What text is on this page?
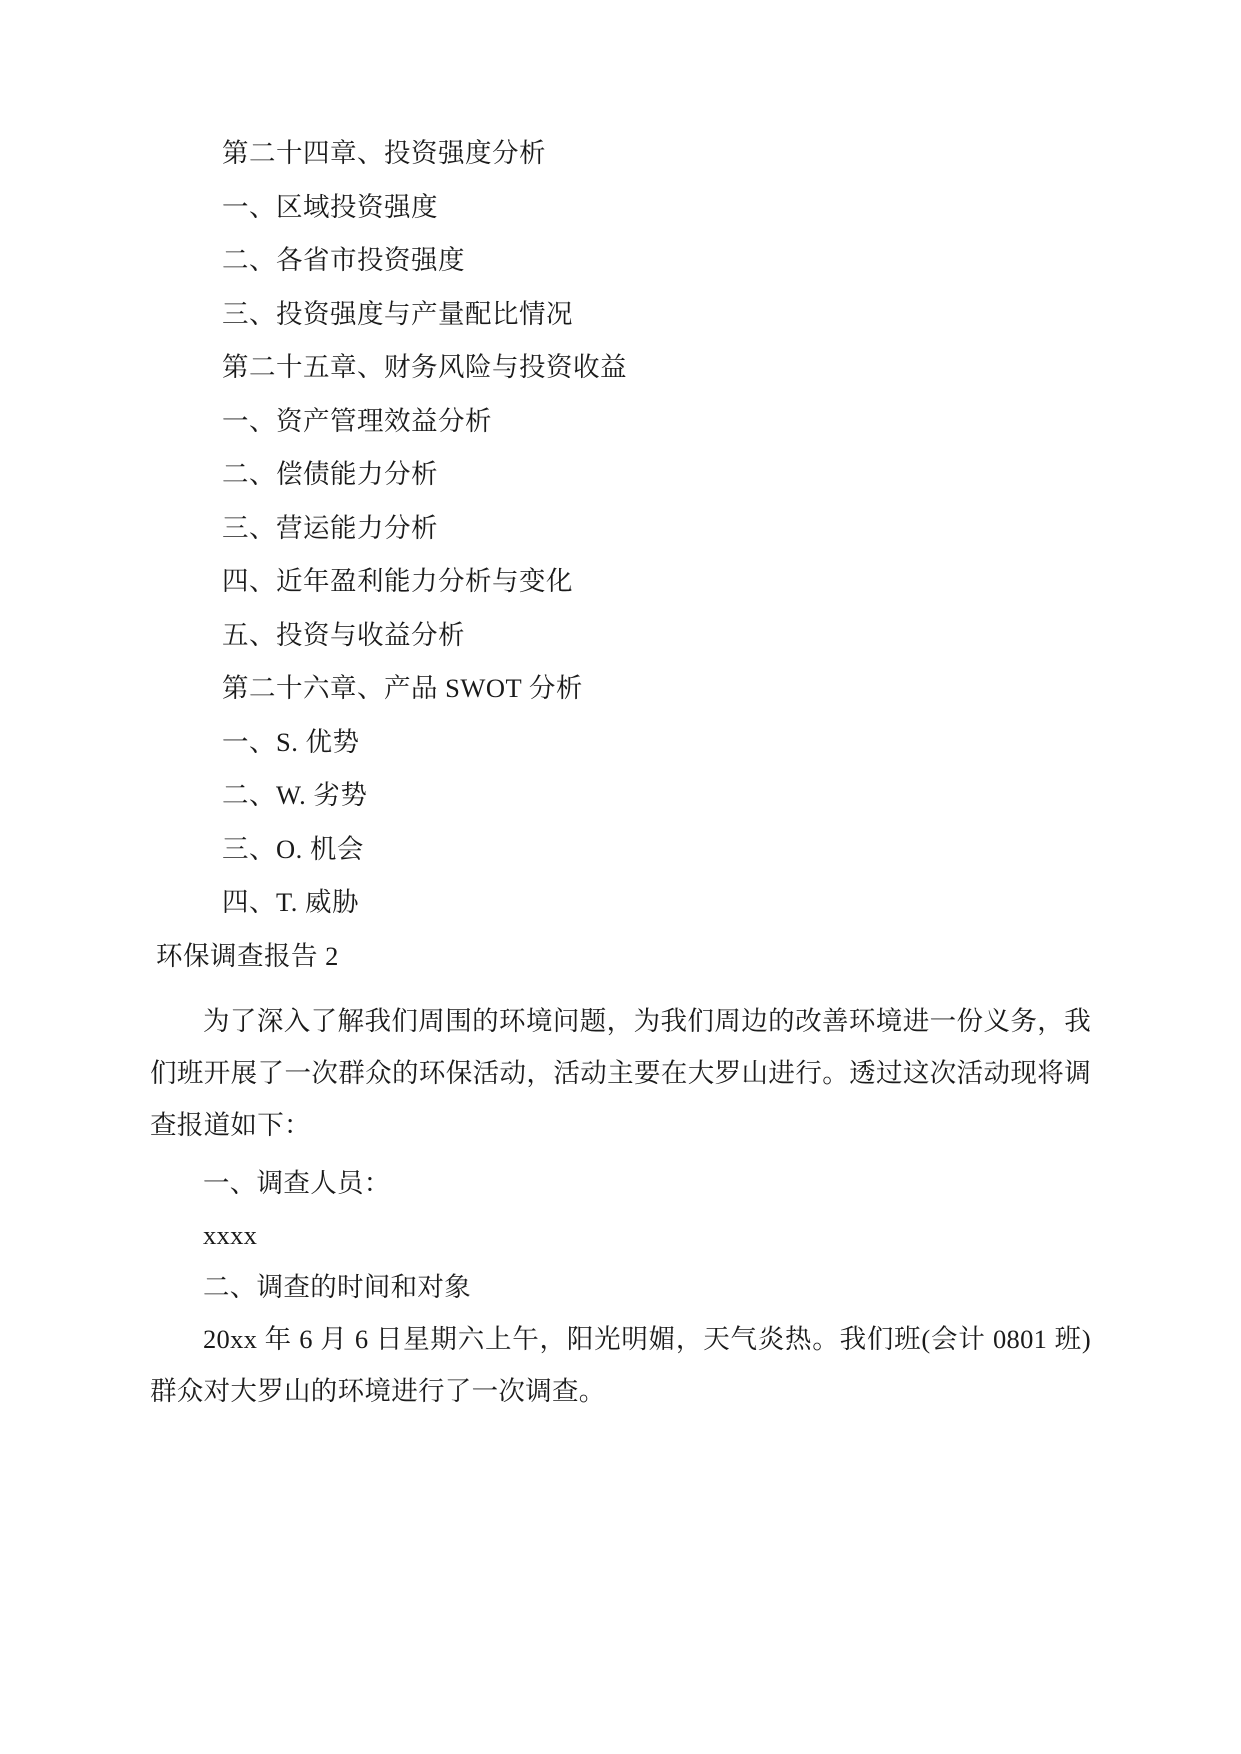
第二十四章、投资强度分析

一、区域投资强度

二、各省市投资强度

三、投资强度与产量配比情况

第二十五章、财务风险与投资收益

一、资产管理效益分析

二、偿债能力分析

三、营运能力分析

四、近年盈利能力分析与变化

五、投资与收益分析

第二十六章、产品 SWOT 分析

一、S. 优势

二、W. 劣势

三、O. 机会

四、T. 威胁

环保调查报告 2

为了深入了解我们周围的环境问题，为我们周边的改善环境进一份义务，我们班开展了一次群众的环保活动，活动主要在大罗山进行。透过这次活动现将调查报道如下：

一、调查人员：

xxxx

二、调查的时间和对象

20xx 年 6 月 6 日星期六上午，阳光明媚，天气炎热。我们班(会计 0801 班)群众对大罗山的环境进行了一次调查。
